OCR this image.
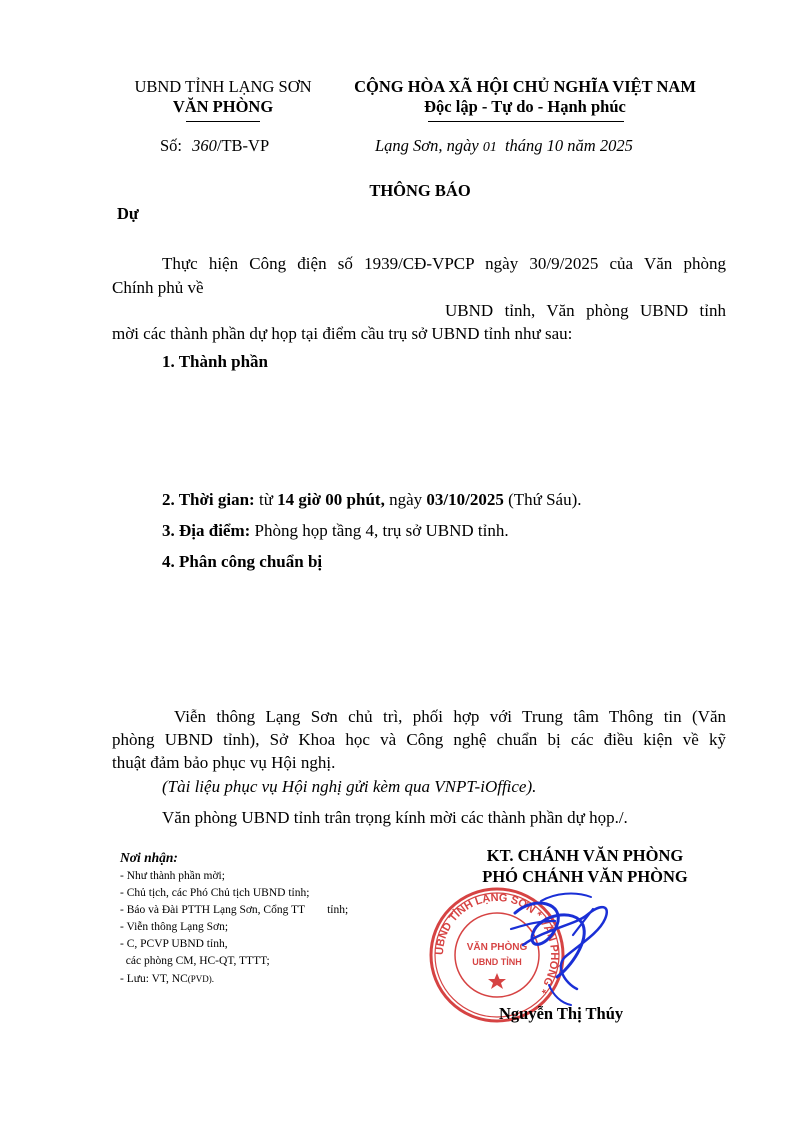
UBND TỈNH LẠNG SƠN
VĂN PHÒNG
Số: 360/TB-VP
CỘNG HÒA XÃ HỘI CHỦ NGHĨA VIỆT NAM
Độc lập - Tự do - Hạnh phúc
Lạng Sơn, ngày 01 tháng 10 năm 2025
THÔNG BÁO
Dự
Thực hiện Công điện số 1939/CĐ-VPCP ngày 30/9/2025 của Văn phòng
Chính phủ về
UBND tỉnh, Văn phòng UBND tỉnh
mời các thành phần dự họp tại điểm cầu trụ sở UBND tỉnh như sau:
1. Thành phần
2. Thời gian: từ 14 giờ 00 phút, ngày 03/10/2025 (Thứ Sáu).
3. Địa điểm: Phòng họp tầng 4, trụ sở UBND tỉnh.
4. Phân công chuẩn bị
Viễn thông Lạng Sơn chủ trì, phối hợp với Trung tâm Thông tin (Văn
phòng UBND tỉnh), Sở Khoa học và Công nghệ chuẩn bị các điều kiện về kỹ
thuật đảm bảo phục vụ Hội nghị.
(Tài liệu phục vụ Hội nghị gửi kèm qua VNPT-iOffice).
Văn phòng UBND tỉnh trân trọng kính mời các thành phần dự họp./.
Nơi nhận:
- Như thành phần mời;
- Chủ tịch, các Phó Chủ tịch UBND tỉnh;
- Báo và Đài PTTH Lạng Sơn, Cổng TT tỉnh;
- Viễn thông Lạng Sơn;
- C, PCVP UBND tỉnh,
các phòng CM, HC-QT, TTTT;
- Lưu: VT, NC(PVD).
KT. CHÁNH VĂN PHÒNG
PHÓ CHÁNH VĂN PHÒNG
UBND TỈNH LẠNG SƠN * VĂN PHÒNG *
VĂN PHÒNG
UBND TỈNH
Nguyễn Thị Thúy
